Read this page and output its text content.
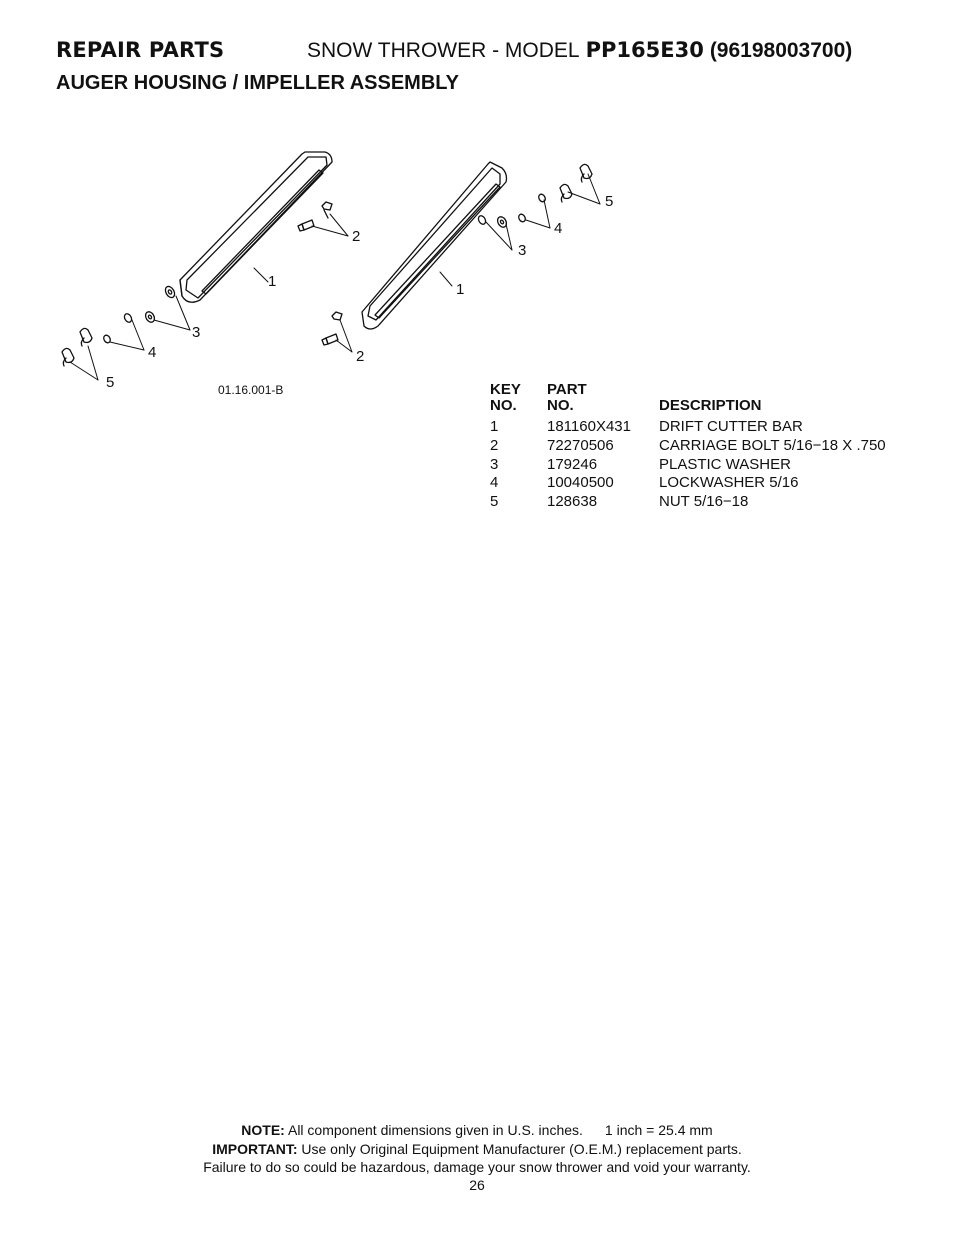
REPAIR PARTS	SNOW THROWER - MODEL PP165E30 (96198003700)
AUGER HOUSING / IMPELLER ASSEMBLY
1
2
3
4
5
1
2
3
4
5
01.16.001-B	KEY
NO.
PART
NO.	DESCRIPTION
1	181160X431 DRIFT CUTTER BAR
2	72270506	CARRIAGE BOLT 5/16−18 X .750
3	179246	PLASTIC WASHER
4	10040500	LOCKWASHER 5/16
5	128638	NUT 5/16−18
NOTE: All component dimensions given in U.S. inches. 1 inch = 25.4 mm
IMPORTANT: Use only Original Equipment Manufacturer (O.E.M.) replacement parts.
Failure to do so could be hazardous, damage your snow thrower and void your warranty.
26
